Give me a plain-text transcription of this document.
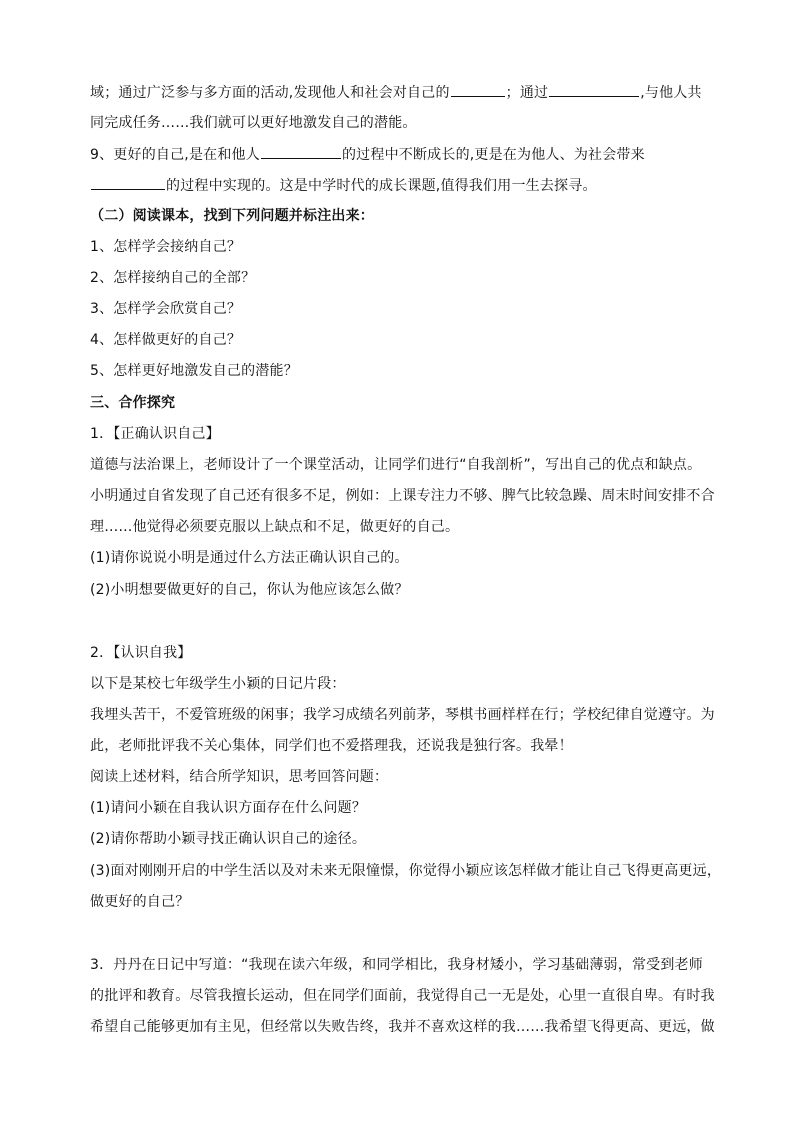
域；通过广泛参与多方面的活动,发现他人和社会对自己的	；通过	,与他人共
同完成任务……我们就可以更好地激发自己的潜能。
9、更好的自己,是在和他人	的过程中不断成长的,更是在为他人、为社会带来
的过程中实现的。这是中学时代的成长课题,值得我们用一生去探寻。
（二）阅读课本，找到下列问题并标注出来：
1、怎样学会接纳自己？
2、怎样接纳自己的全部？
3、怎样学会欣赏自己？
4、怎样做更好的自己？
5、怎样更好地激发自己的潜能？
三、合作探究
1．【正确认识自己】
道德与法治课上，老师设计了一个课堂活动，让同学们进行“自我剖析”，写出自己的优点和缺点。
小明通过自省发现了自己还有很多不足，例如：上课专注力不够、脾气比较急躁、周末时间安排不合
理……他觉得必须要克服以上缺点和不足，做更好的自己。
(1)请你说说小明是通过什么方法正确认识自己的。
(2)小明想要做更好的自己，你认为他应该怎么做？
2．【认识自我】
以下是某校七年级学生小颖的日记片段：
我埋头苦干，不爱管班级的闲事；我学习成绩名列前茅，琴棋书画样样在行；学校纪律自觉遵守。为
此，老师批评我不关心集体，同学们也不爱搭理我，还说我是独行客。我晕！
阅读上述材料，结合所学知识，思考回答问题：
(1)请问小颖在自我认识方面存在什么问题？
(2)请你帮助小颖寻找正确认识自己的途径。
(3)面对刚刚开启的中学生活以及对未来无限憧憬，你觉得小颖应该怎样做才能让自己飞得更高更远，
做更好的自己？
3．丹丹在日记中写道：“我现在读六年级，和同学相比，我身材矮小，学习基础薄弱，常受到老师
的批评和教育。尽管我擅长运动，但在同学们面前，我觉得自己一无是处，心里一直很自卑。有时我
希望自己能够更加有主见，但经常以失败告终，我并不喜欢这样的我……我希望飞得更高、更远，做
